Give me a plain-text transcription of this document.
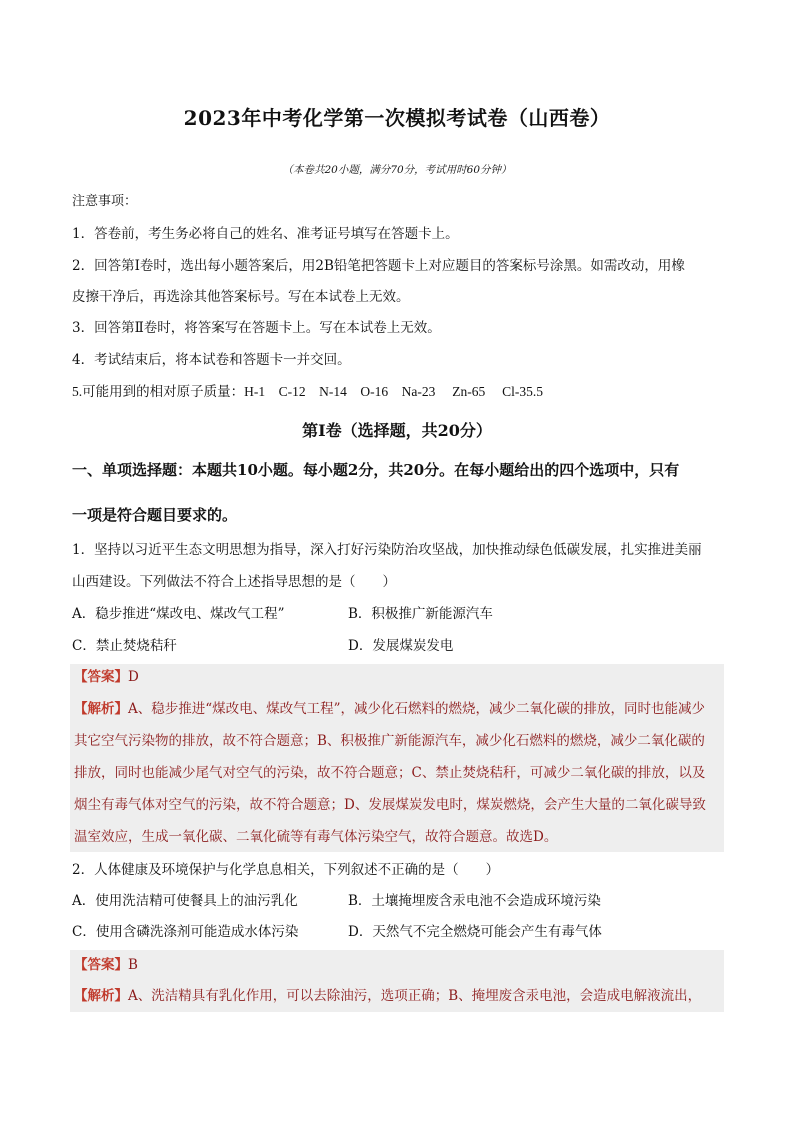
2023年中考化学第一次模拟考试卷（山西卷）
（本卷共20小题，满分70分，考试用时60分钟）
注意事项：
1．答卷前，考生务必将自己的姓名、准考证号填写在答题卡上。
2．回答第Ⅰ卷时，选出每小题答案后，用2B铅笔把答题卡上对应题目的答案标号涂黑。如需改动，用橡
皮擦干净后，再选涂其他答案标号。写在本试卷上无效。
3．回答第Ⅱ卷时，将答案写在答题卡上。写在本试卷上无效。
4．考试结束后，将本试卷和答题卡一并交回。
5.可能用到的相对原子质量：H-1　C-12　N-14　O-16　Na-23　 Zn-65　 Cl-35.5
第Ⅰ卷（选择题，共20分）
一、单项选择题：本题共10小题。每小题2分，共20分。在每小题给出的四个选项中，只有
一项是符合题目要求的。
1．坚持以习近平生态文明思想为指导，深入打好污染防治攻坚战，加快推动绿色低碳发展，扎实推进美丽
山西建设。下列做法不符合上述指导思想的是（　　）
A．稳步推进“煤改电、煤改气工程”	B．积极推广新能源汽车
C．禁止焚烧秸秆	D．发展煤炭发电
【答案】D
【解析】A、稳步推进“煤改电、煤改气工程”，减少化石燃料的燃烧，减少二氧化碳的排放，同时也能减少
其它空气污染物的排放，故不符合题意；B、积极推广新能源汽车，减少化石燃料的燃烧，减少二氧化碳的
排放，同时也能减少尾气对空气的污染，故不符合题意；C、禁止焚烧秸秆，可减少二氧化碳的排放，以及
烟尘有毒气体对空气的污染，故不符合题意；D、发展煤炭发电时，煤炭燃烧，会产生大量的二氧化碳导致
温室效应，生成一氧化碳、二氧化硫等有毒气体污染空气，故符合题意。故选D。
2．人体健康及环境保护与化学息息相关，下列叙述不正确的是（　　）
A．使用洗洁精可使餐具上的油污乳化	B．土壤掩埋废含汞电池不会造成环境污染
C．使用含磷洗涤剂可能造成水体污染	D．天然气不完全燃烧可能会产生有毒气体
【答案】B
【解析】A、洗洁精具有乳化作用，可以去除油污，选项正确；B、掩埋废含汞电池，会造成电解液流出，
